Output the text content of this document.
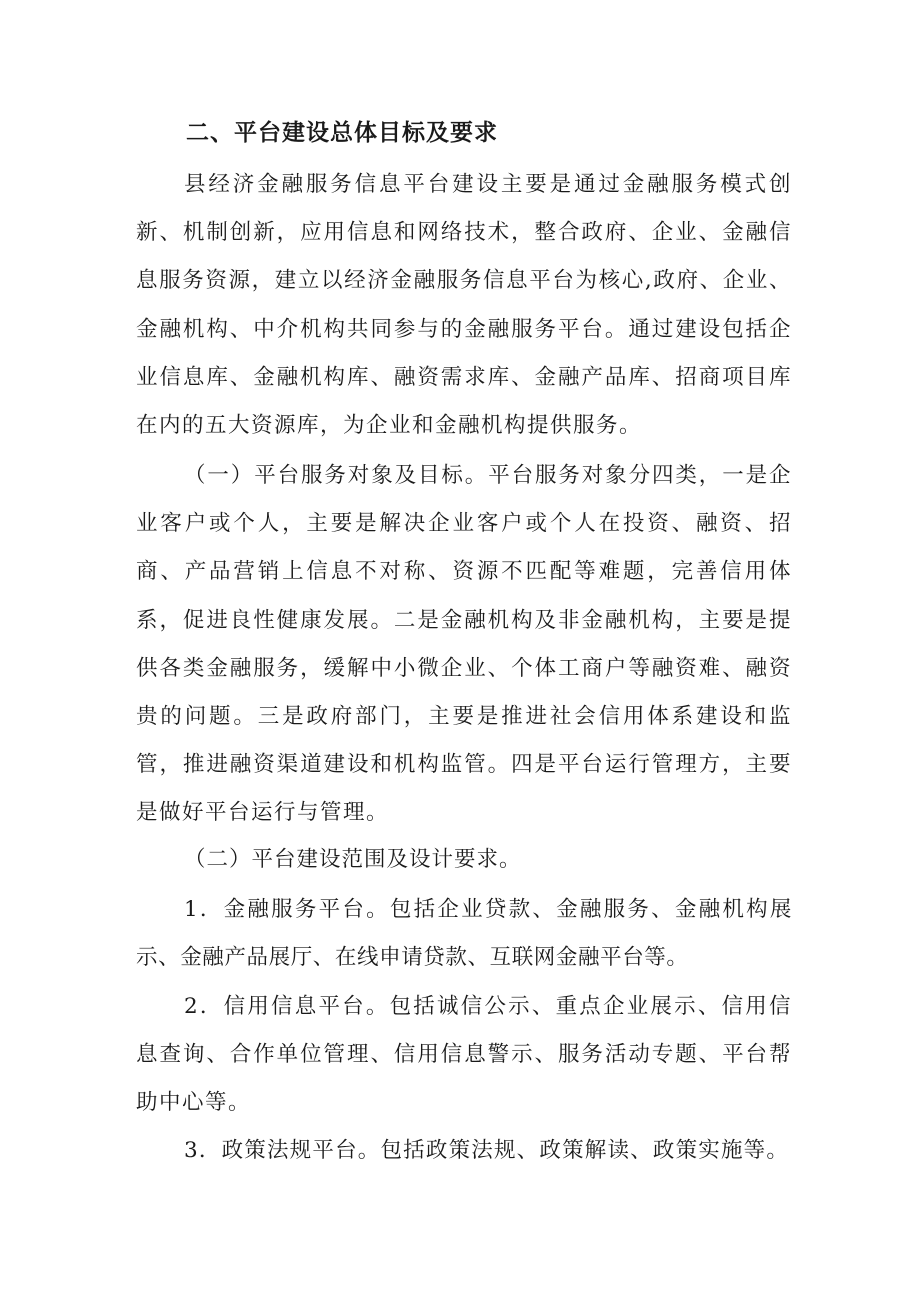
二、平台建设总体目标及要求

县经济金融服务信息平台建设主要是通过金融服务模式创新、机制创新，应用信息和网络技术，整合政府、企业、金融信息服务资源，建立以经济金融服务信息平台为核心,政府、企业、金融机构、中介机构共同参与的金融服务平台。通过建设包括企业信息库、金融机构库、融资需求库、金融产品库、招商项目库在内的五大资源库，为企业和金融机构提供服务。

（一）平台服务对象及目标。平台服务对象分四类，一是企业客户或个人，主要是解决企业客户或个人在投资、融资、招商、产品营销上信息不对称、资源不匹配等难题，完善信用体系，促进良性健康发展。二是金融机构及非金融机构，主要是提供各类金融服务，缓解中小微企业、个体工商户等融资难、融资贵的问题。三是政府部门，主要是推进社会信用体系建设和监管，推进融资渠道建设和机构监管。四是平台运行管理方，主要是做好平台运行与管理。

（二）平台建设范围及设计要求。

1．金融服务平台。包括企业贷款、金融服务、金融机构展示、金融产品展厅、在线申请贷款、互联网金融平台等。

2．信用信息平台。包括诚信公示、重点企业展示、信用信息查询、合作单位管理、信用信息警示、服务活动专题、平台帮助中心等。

3．政策法规平台。包括政策法规、政策解读、政策实施等。
